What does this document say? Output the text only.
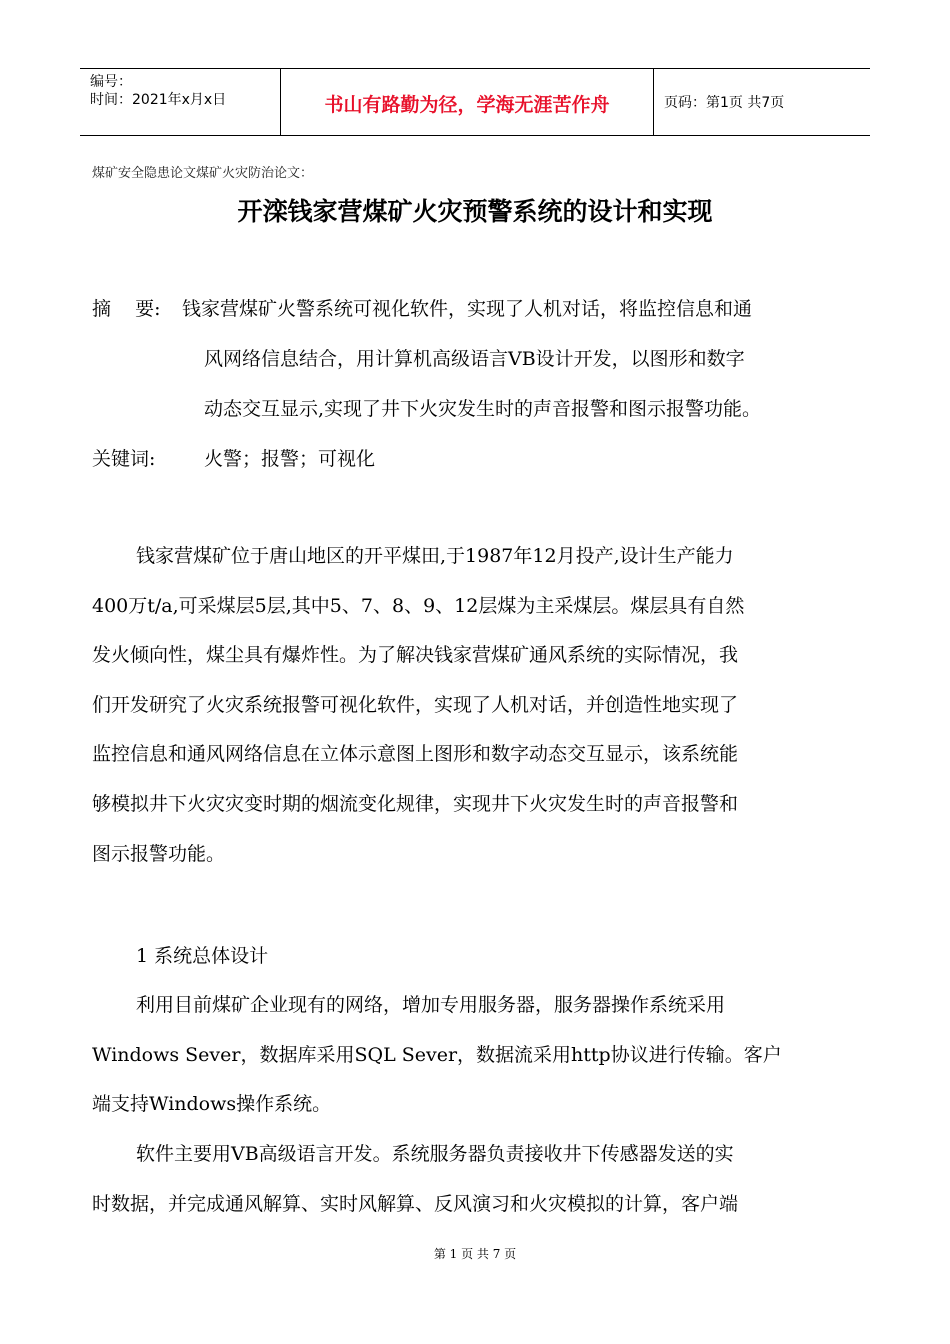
编号：
时间：2021年x月x日	书山有路勤为径，学海无涯苦作舟	页码：第1页 共7页
煤矿安全隐患论文煤矿火灾防治论文：
开滦钱家营煤矿火灾预警系统的设计和实现
摘    要: 钱家营煤矿火警系统可视化软件，实现了人机对话，将监控信息和通
风网络信息结合，用计算机高级语言VB设计开发，以图形和数字
动态交互显示,实现了井下火灾发生时的声音报警和图示报警功能。
关键词:	火警；报警；可视化
钱家营煤矿位于唐山地区的开平煤田,于1987年12月投产,设计生产能力
400万t/a,可采煤层5层,其中5、7、8、9、12层煤为主采煤层。煤层具有自然
发火倾向性，煤尘具有爆炸性。为了解决钱家营煤矿通风系统的实际情况，我
们开发研究了火灾系统报警可视化软件，实现了人机对话，并创造性地实现了
监控信息和通风网络信息在立体示意图上图形和数字动态交互显示，该系统能
够模拟井下火灾灾变时期的烟流变化规律，实现井下火灾发生时的声音报警和
图示报警功能。
1 系统总体设计
利用目前煤矿企业现有的网络，增加专用服务器，服务器操作系统采用
Windows Sever，数据库采用SQL Sever，数据流采用http协议进行传输。客户
端支持Windows操作系统。
软件主要用VB高级语言开发。系统服务器负责接收井下传感器发送的实
时数据，并完成通风解算、实时风解算、反风演习和火灾模拟的计算，客户端
第 1 页 共 7 页
